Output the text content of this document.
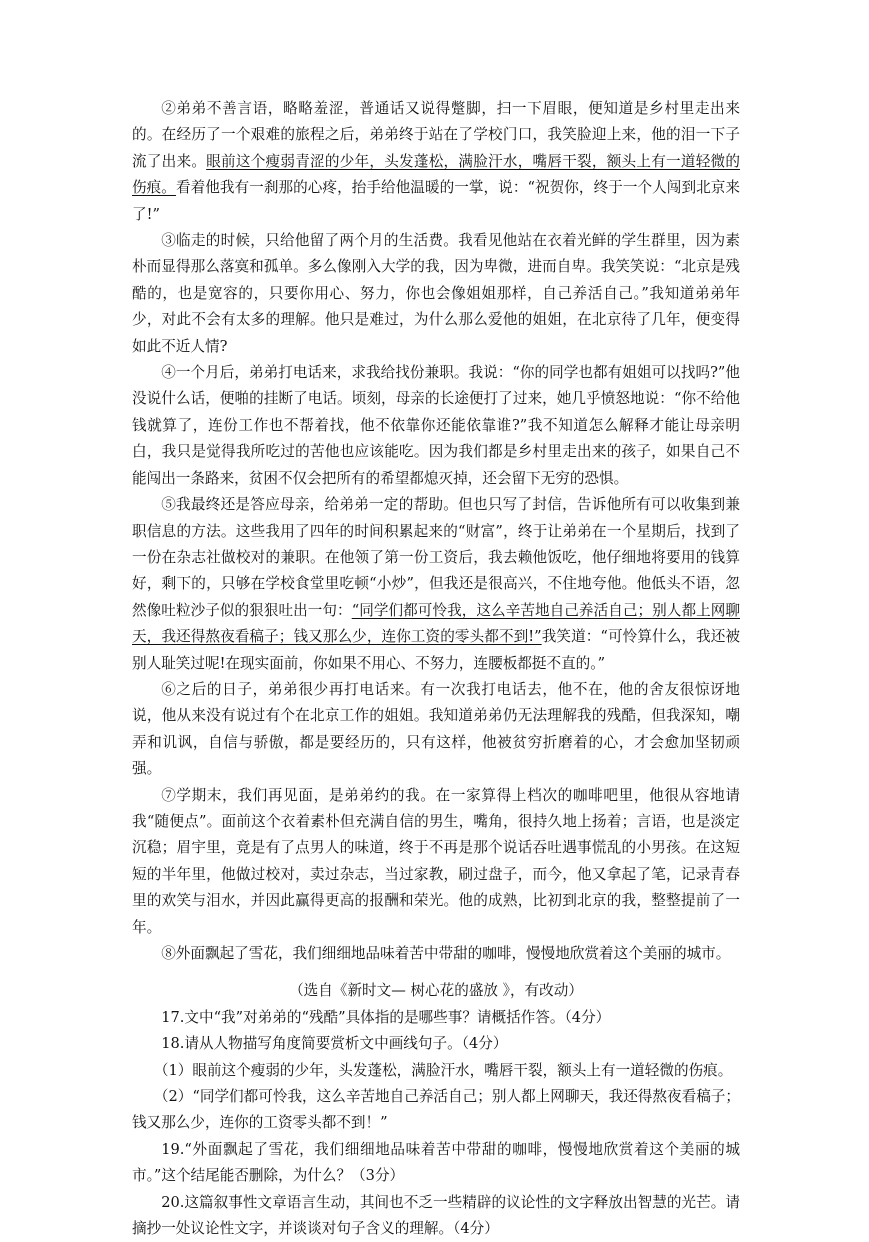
②弟弟不善言语，略略羞涩，普通话又说得蹩脚，扫一下眉眼，便知道是乡村里走出来的。在经历了一个艰难的旅程之后，弟弟终于站在了学校门口，我笑脸迎上来，他的泪一下子流了出来。眼前这个瘦弱青涩的少年，头发蓬松，满脸汗水，嘴唇干裂，额头上有一道轻微的伤痕。看着他我有一刹那的心疼，抬手给他温暖的一掌，说：“祝贺你，终于一个人闯到北京来了!”

③临走的时候，只给他留了两个月的生活费。我看见他站在衣着光鲜的学生群里，因为素朴而显得那么落寞和孤单。多么像刚入大学的我，因为卑微，进而自卑。我笑笑说：“北京是残酷的，也是宽容的，只要你用心、努力，你也会像姐姐那样，自己养活自己。”我知道弟弟年少，对此不会有太多的理解。他只是难过，为什么那么爱他的姐姐，在北京待了几年，便变得如此不近人情?

④一个月后，弟弟打电话来，求我给找份兼职。我说：“你的同学也都有姐姐可以找吗?”他没说什么话，便啪的挂断了电话。顷刻，母亲的长途便打了过来，她几乎愤怒地说：“你不给他钱就算了，连份工作也不帮着找，他不依靠你还能依靠谁?”我不知道怎么解释才能让母亲明白，我只是觉得我所吃过的苦他也应该能吃。因为我们都是乡村里走出来的孩子，如果自己不能闯出一条路来，贫困不仅会把所有的希望都熄灭掉，还会留下无穷的恐惧。

⑤我最终还是答应母亲，给弟弟一定的帮助。但也只写了封信，告诉他所有可以收集到兼职信息的方法。这些我用了四年的时间积累起来的“财富”，终于让弟弟在一个星期后，找到了一份在杂志社做校对的兼职。在他领了第一份工资后，我去赖他饭吃，他仔细地将要用的钱算好，剩下的，只够在学校食堂里吃顿“小炒”，但我还是很高兴，不住地夸他。他低头不语，忽然像吐粒沙子似的狠狠吐出一句：“同学们都可怜我，这么辛苦地自己养活自己；别人都上网聊天，我还得熬夜看稿子；钱又那么少，连你工资的零头都不到!”我笑道：“可怜算什么，我还被别人耻笑过呢!在现实面前，你如果不用心、不努力，连腰板都挺不直的。”

⑥之后的日子，弟弟很少再打电话来。有一次我打电话去，他不在，他的舍友很惊讶地说，他从来没有说过有个在北京工作的姐姐。我知道弟弟仍无法理解我的残酷，但我深知，嘲弄和讥讽，自信与骄傲，都是要经历的，只有这样，他被贫穷折磨着的心，才会愈加坚韧顽强。

⑦学期末，我们再见面，是弟弟约的我。在一家算得上档次的咖啡吧里，他很从容地请我“随便点”。面前这个衣着素朴但充满自信的男生，嘴角，很持久地上扬着；言语，也是淡定沉稳；眉宇里，竟是有了点男人的味道，终于不再是那个说话吞吐遇事慌乱的小男孩。在这短短的半年里，他做过校对，卖过杂志，当过家教，刷过盘子，而今，他又拿起了笔，记录青春里的欢笑与泪水，并因此赢得更高的报酬和荣光。他的成熟，比初到北京的我，整整提前了一年。

⑧外面飘起了雪花，我们细细地品味着苦中带甜的咖啡，慢慢地欣赏着这个美丽的城市。

（选自《新时文— 树心花的盛放 》，有改动）

17.文中“我”对弟弟的“残酷”具体指的是哪些事？请概括作答。（4分）

18.请从人物描写角度简要赏析文中画线句子。（4分）

（1）眼前这个瘦弱的少年，头发蓬松，满脸汗水，嘴唇干裂，额头上有一道轻微的伤痕。

（2）“同学们都可怜我，这么辛苦地自己养活自己；别人都上网聊天，我还得熬夜看稿子；钱又那么少，连你的工资零头都不到！”

19.“外面飘起了雪花，我们细细地品味着苦中带甜的咖啡，慢慢地欣赏着这个美丽的城市。”这个结尾能否删除，为什么？（3分）

20.这篇叙事性文章语言生动，其间也不乏一些精辟的议论性的文字释放出智慧的光芒。请摘抄一处议论性文字，并谈谈对句子含义的理解。（4分）
